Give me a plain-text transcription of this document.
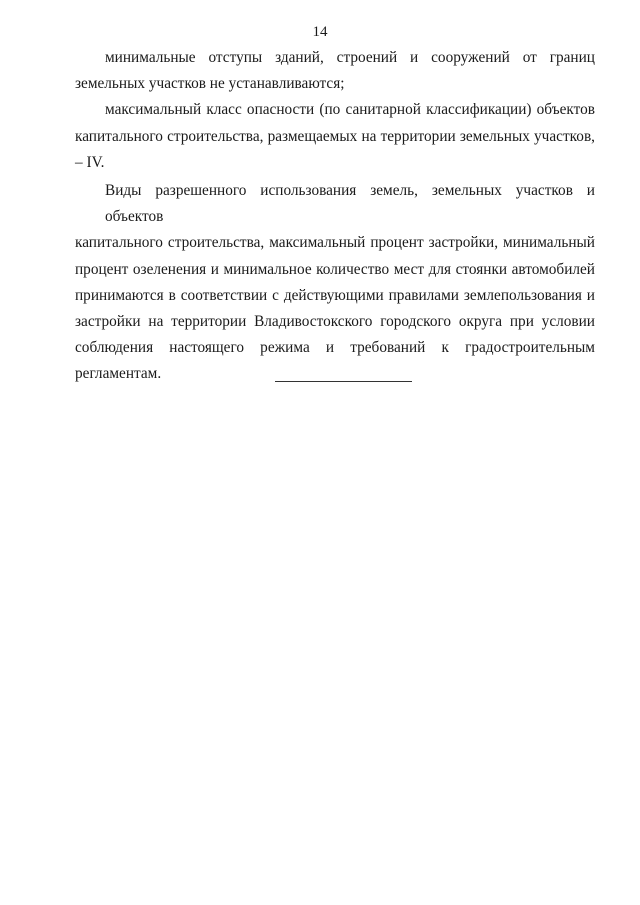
14
минимальные отступы зданий, строений и сооружений от границ
земельных участков не устанавливаются;
максимальный класс опасности (по санитарной классификации) объектов
капитального строительства, размещаемых на территории земельных участков,
– IV.
Виды разрешенного использования земель, земельных участков и объектов
капитального строительства, максимальный процент застройки, минимальный
процент озеленения и минимальное количество мест для стоянки автомобилей
принимаются в соответствии с действующими правилами землепользования и
застройки на территории Владивостокского городского округа при условии
соблюдения настоящего режима и требований к градостроительным
регламентам.
